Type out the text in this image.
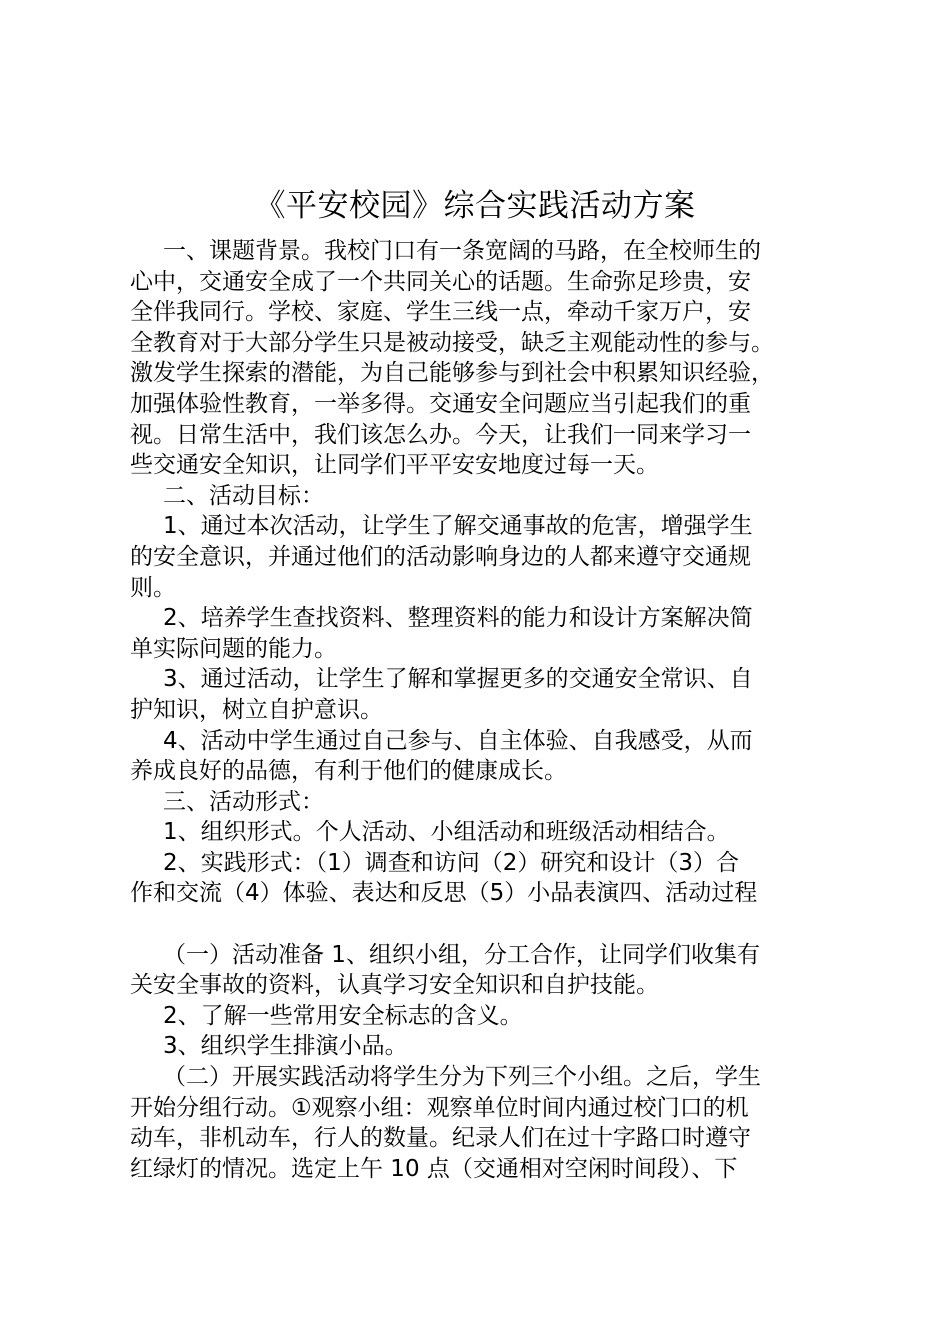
《平安校园》综合实践活动方案
一、课题背景。我校门口有一条宽阔的马路，在全校师生的
心中，交通安全成了一个共同关心的话题。生命弥足珍贵，安
全伴我同行。学校、家庭、学生三线一点，牵动千家万户，安
全教育对于大部分学生只是被动接受，缺乏主观能动性的参与。
激发学生探索的潜能，为自己能够参与到社会中积累知识经验，
加强体验性教育，一举多得。交通安全问题应当引起我们的重
视。日常生活中，我们该怎么办。今天，让我们一同来学习一
些交通安全知识，让同学们平平安安地度过每一天。
二、活动目标：
1、通过本次活动，让学生了解交通事故的危害，增强学生
的安全意识，并通过他们的活动影响身边的人都来遵守交通规
则。
2、培养学生查找资料、整理资料的能力和设计方案解决简
单实际问题的能力。
3、通过活动，让学生了解和掌握更多的交通安全常识、自
护知识，树立自护意识。
4、活动中学生通过自己参与、自主体验、自我感受，从而
养成良好的品德，有利于他们的健康成长。
三、活动形式：
1、组织形式。个人活动、小组活动和班级活动相结合。
2、实践形式：（1）调查和访问（2）研究和设计（3）合
作和交流（4）体验、表达和反思（5）小品表演四、活动过程
（一）活动准备 1、组织小组，分工合作，让同学们收集有
关安全事故的资料，认真学习安全知识和自护技能。
2、了解一些常用安全标志的含义。
3、组织学生排演小品。
（二）开展实践活动将学生分为下列三个小组。之后，学生
开始分组行动。①观察小组：观察单位时间内通过校门口的机
动车，非机动车，行人的数量。纪录人们在过十字路口时遵守
红绿灯的情况。选定上午 10 点（交通相对空闲时间段）、下
